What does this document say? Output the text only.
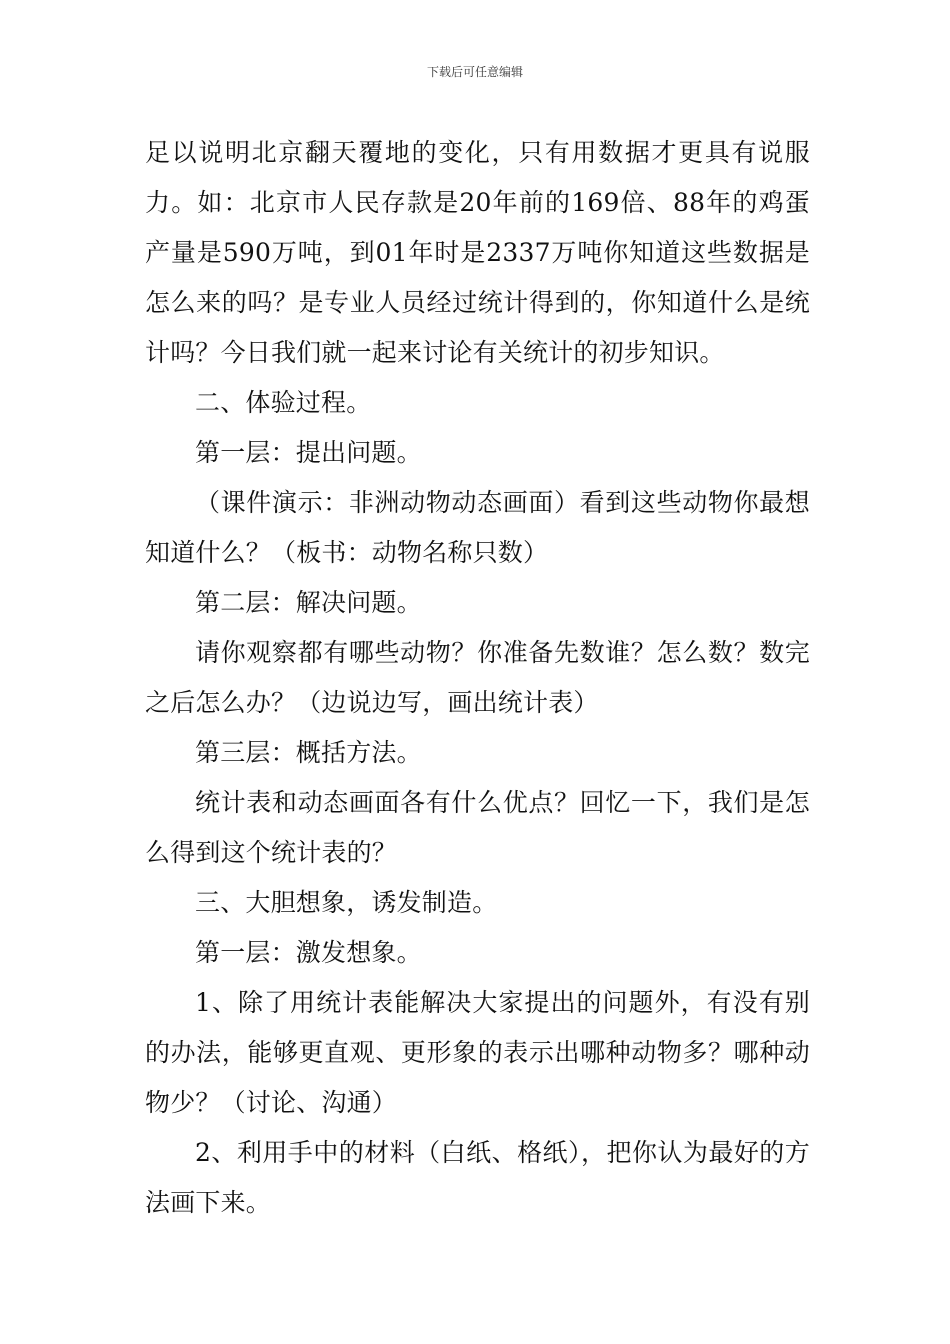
下载后可任意编辑

足以说明北京翻天覆地的变化，只有用数据才更具有说服力。如：北京市人民存款是20年前的169倍、88年的鸡蛋产量是590万吨，到01年时是2337万吨你知道这些数据是怎么来的吗？是专业人员经过统计得到的，你知道什么是统计吗？今日我们就一起来讨论有关统计的初步知识。

二、体验过程。

第一层：提出问题。

（课件演示：非洲动物动态画面）看到这些动物你最想知道什么？（板书：动物名称只数）

第二层：解决问题。

请你观察都有哪些动物？你准备先数谁？怎么数？数完之后怎么办？（边说边写，画出统计表）

第三层：概括方法。

统计表和动态画面各有什么优点？回忆一下，我们是怎么得到这个统计表的？

三、大胆想象，诱发制造。

第一层：激发想象。

1、除了用统计表能解决大家提出的问题外，有没有别的办法，能够更直观、更形象的表示出哪种动物多？哪种动物少？（讨论、沟通）

2、利用手中的材料（白纸、格纸），把你认为最好的方法画下来。
